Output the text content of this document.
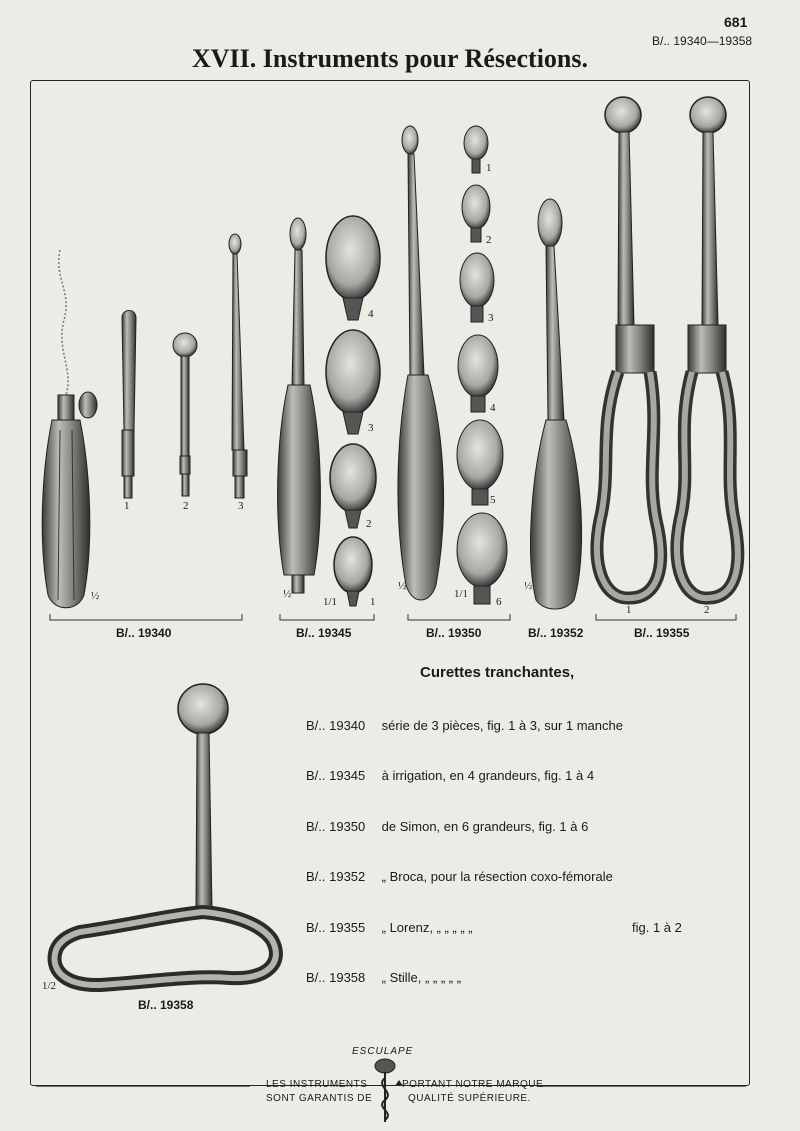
681
B/.. 19340—19358
XVII. Instruments pour Résections.
½
1	2	3
½
1/1
4
3
2
1
½
1/1
1
2
3
4
5
6
½
1	2
1/2
B/.. 19340	B/.. 19345	B/.. 19350	B/.. 19352	B/.. 19355
B/.. 19358
Curettes tranchantes,
B/.. 19340 série de 3 pièces, fig. 1 à 3, sur 1 manche
B/.. 19345 à irrigation, en 4 grandeurs, fig. 1 à 4
B/.. 19350 de Simon, en 6 grandeurs, fig. 1 à 6
B/.. 19352 „ Broca, pour la résection coxo-fémorale
B/.. 19355 „ Lorenz, „ „ „ „ „	fig. 1 à 2
B/.. 19358 „ Stille, „ „ „ „ „
ESCULAPE
LES INSTRUMENTS
SONT GARANTIS DE
PORTANT NOTRE MARQUE
QUALITÉ SUPÉRIEURE.
